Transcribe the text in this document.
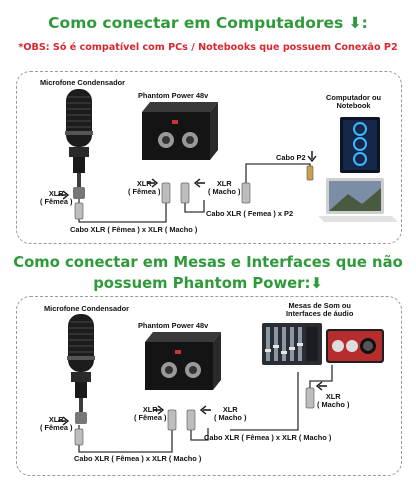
Como conectar em Computadores ⬇:
*OBS: Só é compatível com PCs / Notebooks que possuem Conexão P2
Microfone Condensador
Phantom Power 48v	Computador ou
Notebook
XLR
( Fêmea )
XLR
( Fêmea )
XLR
( Macho )
Cabo P2
Cabo XLR ( Femea ) x P2
Cabo XLR ( Fêmea ) x XLR ( Macho )
Como conectar em Mesas e Interfaces que não
possuem Phantom Power:⬇
Microfone Condensador
Phantom Power 48v
Mesas de Som ou
Interfaces de áudio
XLR
( Fêmea )
XLR
( Fêmea )
XLR
( Macho )
XLR
( Macho )
Cabo XLR ( Fêmea ) x XLR ( Macho )
Cabo XLR ( Fêmea ) x XLR ( Macho )
